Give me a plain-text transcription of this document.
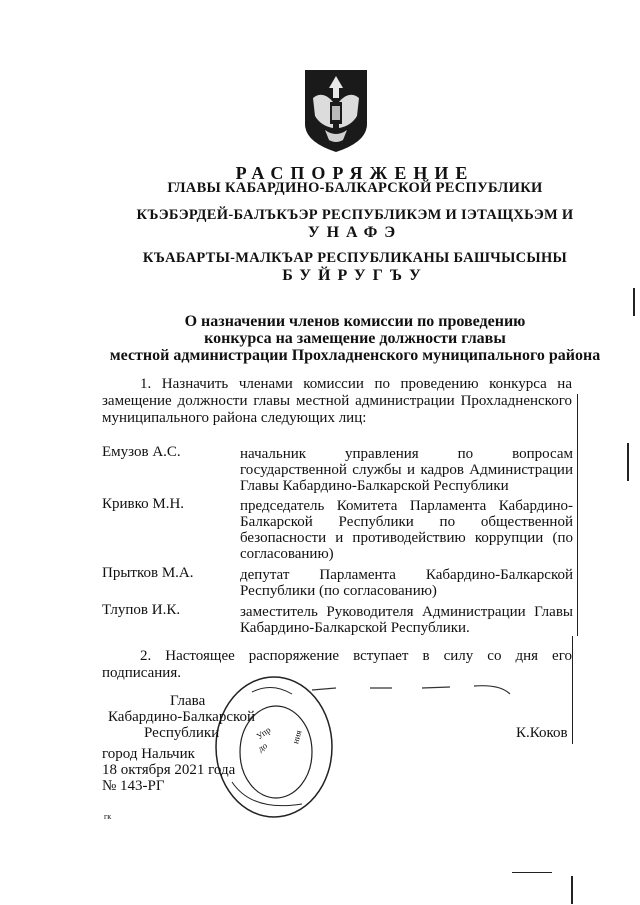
РАСПОРЯЖЕНИЕ
ГЛАВЫ КАБАРДИНО-БАЛКАРСКОЙ РЕСПУБЛИКИ
КЪЭБЭРДЕЙ-БАЛЪКЪЭР РЕСПУБЛИКЭМ И ІЭТАЩХЬЭМ И
УНАФЭ
КЪАБАРТЫ-МАЛКЪАР РЕСПУБЛИКАНЫ БАШЧЫСЫНЫ
БУЙРУГЪУ
О назначении членов комиссии по проведению
конкурса на замещение должности главы
местной администрации Прохладненского муниципального района
1. Назначить членами комиссии по проведению конкурса на замещение должности главы местной администрации Прохладненского муниципального района следующих лиц:
Емузов А.С.	начальник управления по вопросам государственной службы и кадров Администрации Главы Кабардино-Балкарской Республики
Кривко М.Н.	председатель Комитета Парламента Кабардино-Балкарской Республики по общественной безопасности и противодействию коррупции (по согласованию)
Прытков М.А.	депутат Парламента Кабардино-Балкарской Республики (по согласованию)
Тлупов И.К.	заместитель Руководителя Администрации Главы Кабардино-Балкарской Республики.
2. Настоящее распоряжение вступает в силу со дня его подписания.
Упр
до
ния
Глава
Кабардино-Балкарской
Республики	К.Коков
город Нальчик
18 октября 2021 года
№ 143-РГ
гк
